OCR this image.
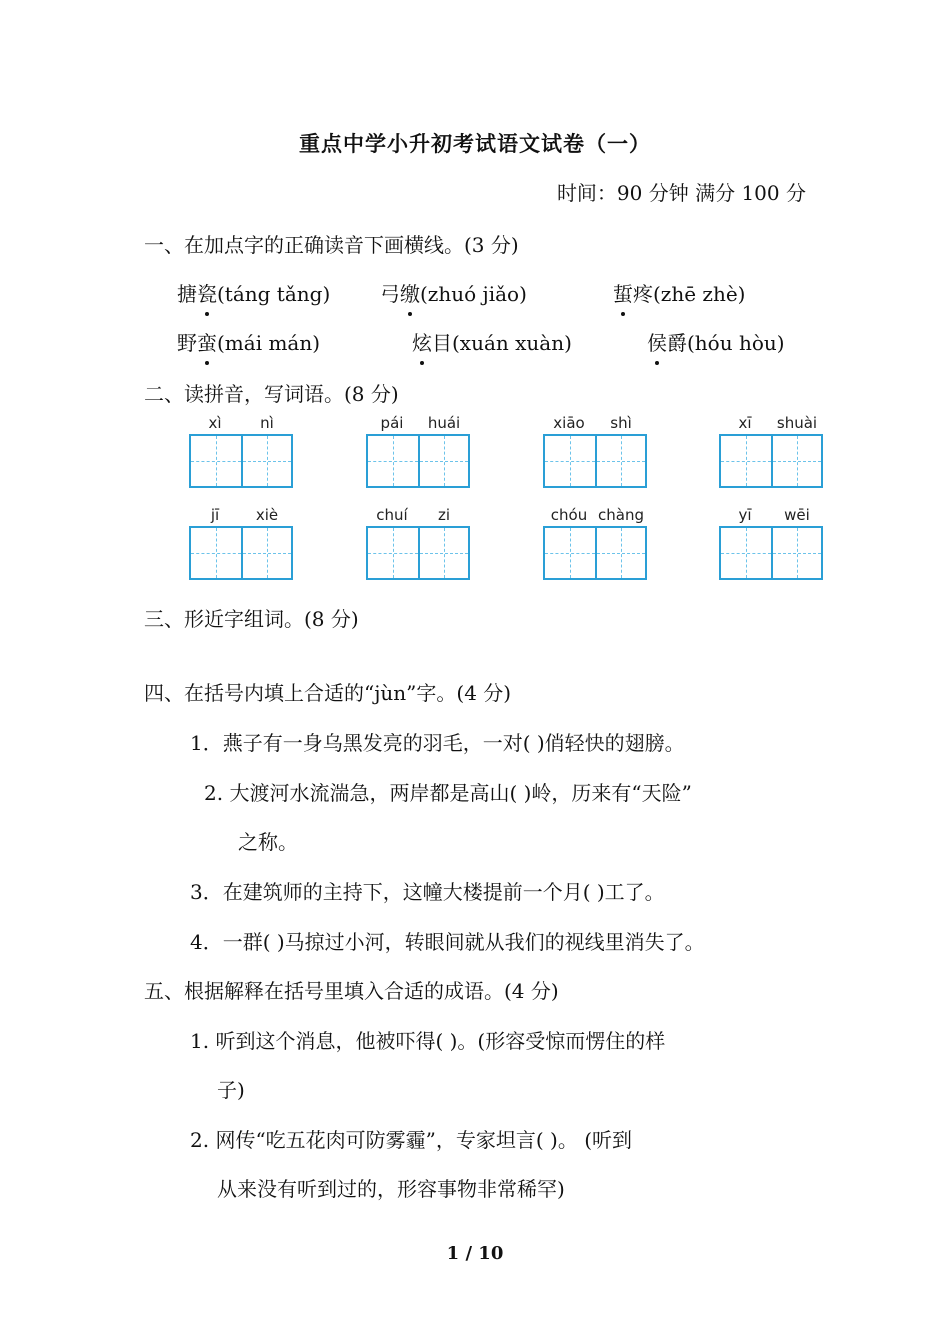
重点中学小升初考试语文试卷（一）
时间：90 分钟 满分 100 分
一、在加点字的正确读音下画横线。(3 分)
搪瓷(táng tǎng) 弓缴(zhuó jiǎo)	蜇疼(zhē zhè)
野蛮(mái mán)	炫目(xuán xuàn)	侯爵(hóu hòu)
二、读拼音，写词语。(8 分)
xì	nì	pái	huái	xiāo	shì	xī	shuài
jī	xiè	chuí	zi	chóu chàng	yī	wēi
三、形近字组词。(8 分)
四、在括号内填上合适的“jùn”字。(4 分)
1．燕子有一身乌黑发亮的羽毛，一对( )俏轻快的翅膀。
2. 大渡河水流湍急，两岸都是高山( )岭，历来有“天险”
之称。
3．在建筑师的主持下，这幢大楼提前一个月( )工了。
4．一群( )马掠过小河，转眼间就从我们的视线里消失了。
五、根据解释在括号里填入合适的成语。(4 分)
1. 听到这个消息，他被吓得( )。(形容受惊而愣住的样
子)
2. 网传“吃五花肉可防雾霾”，专家坦言( )。 (听到
从来没有听到过的，形容事物非常稀罕)
1 / 10
